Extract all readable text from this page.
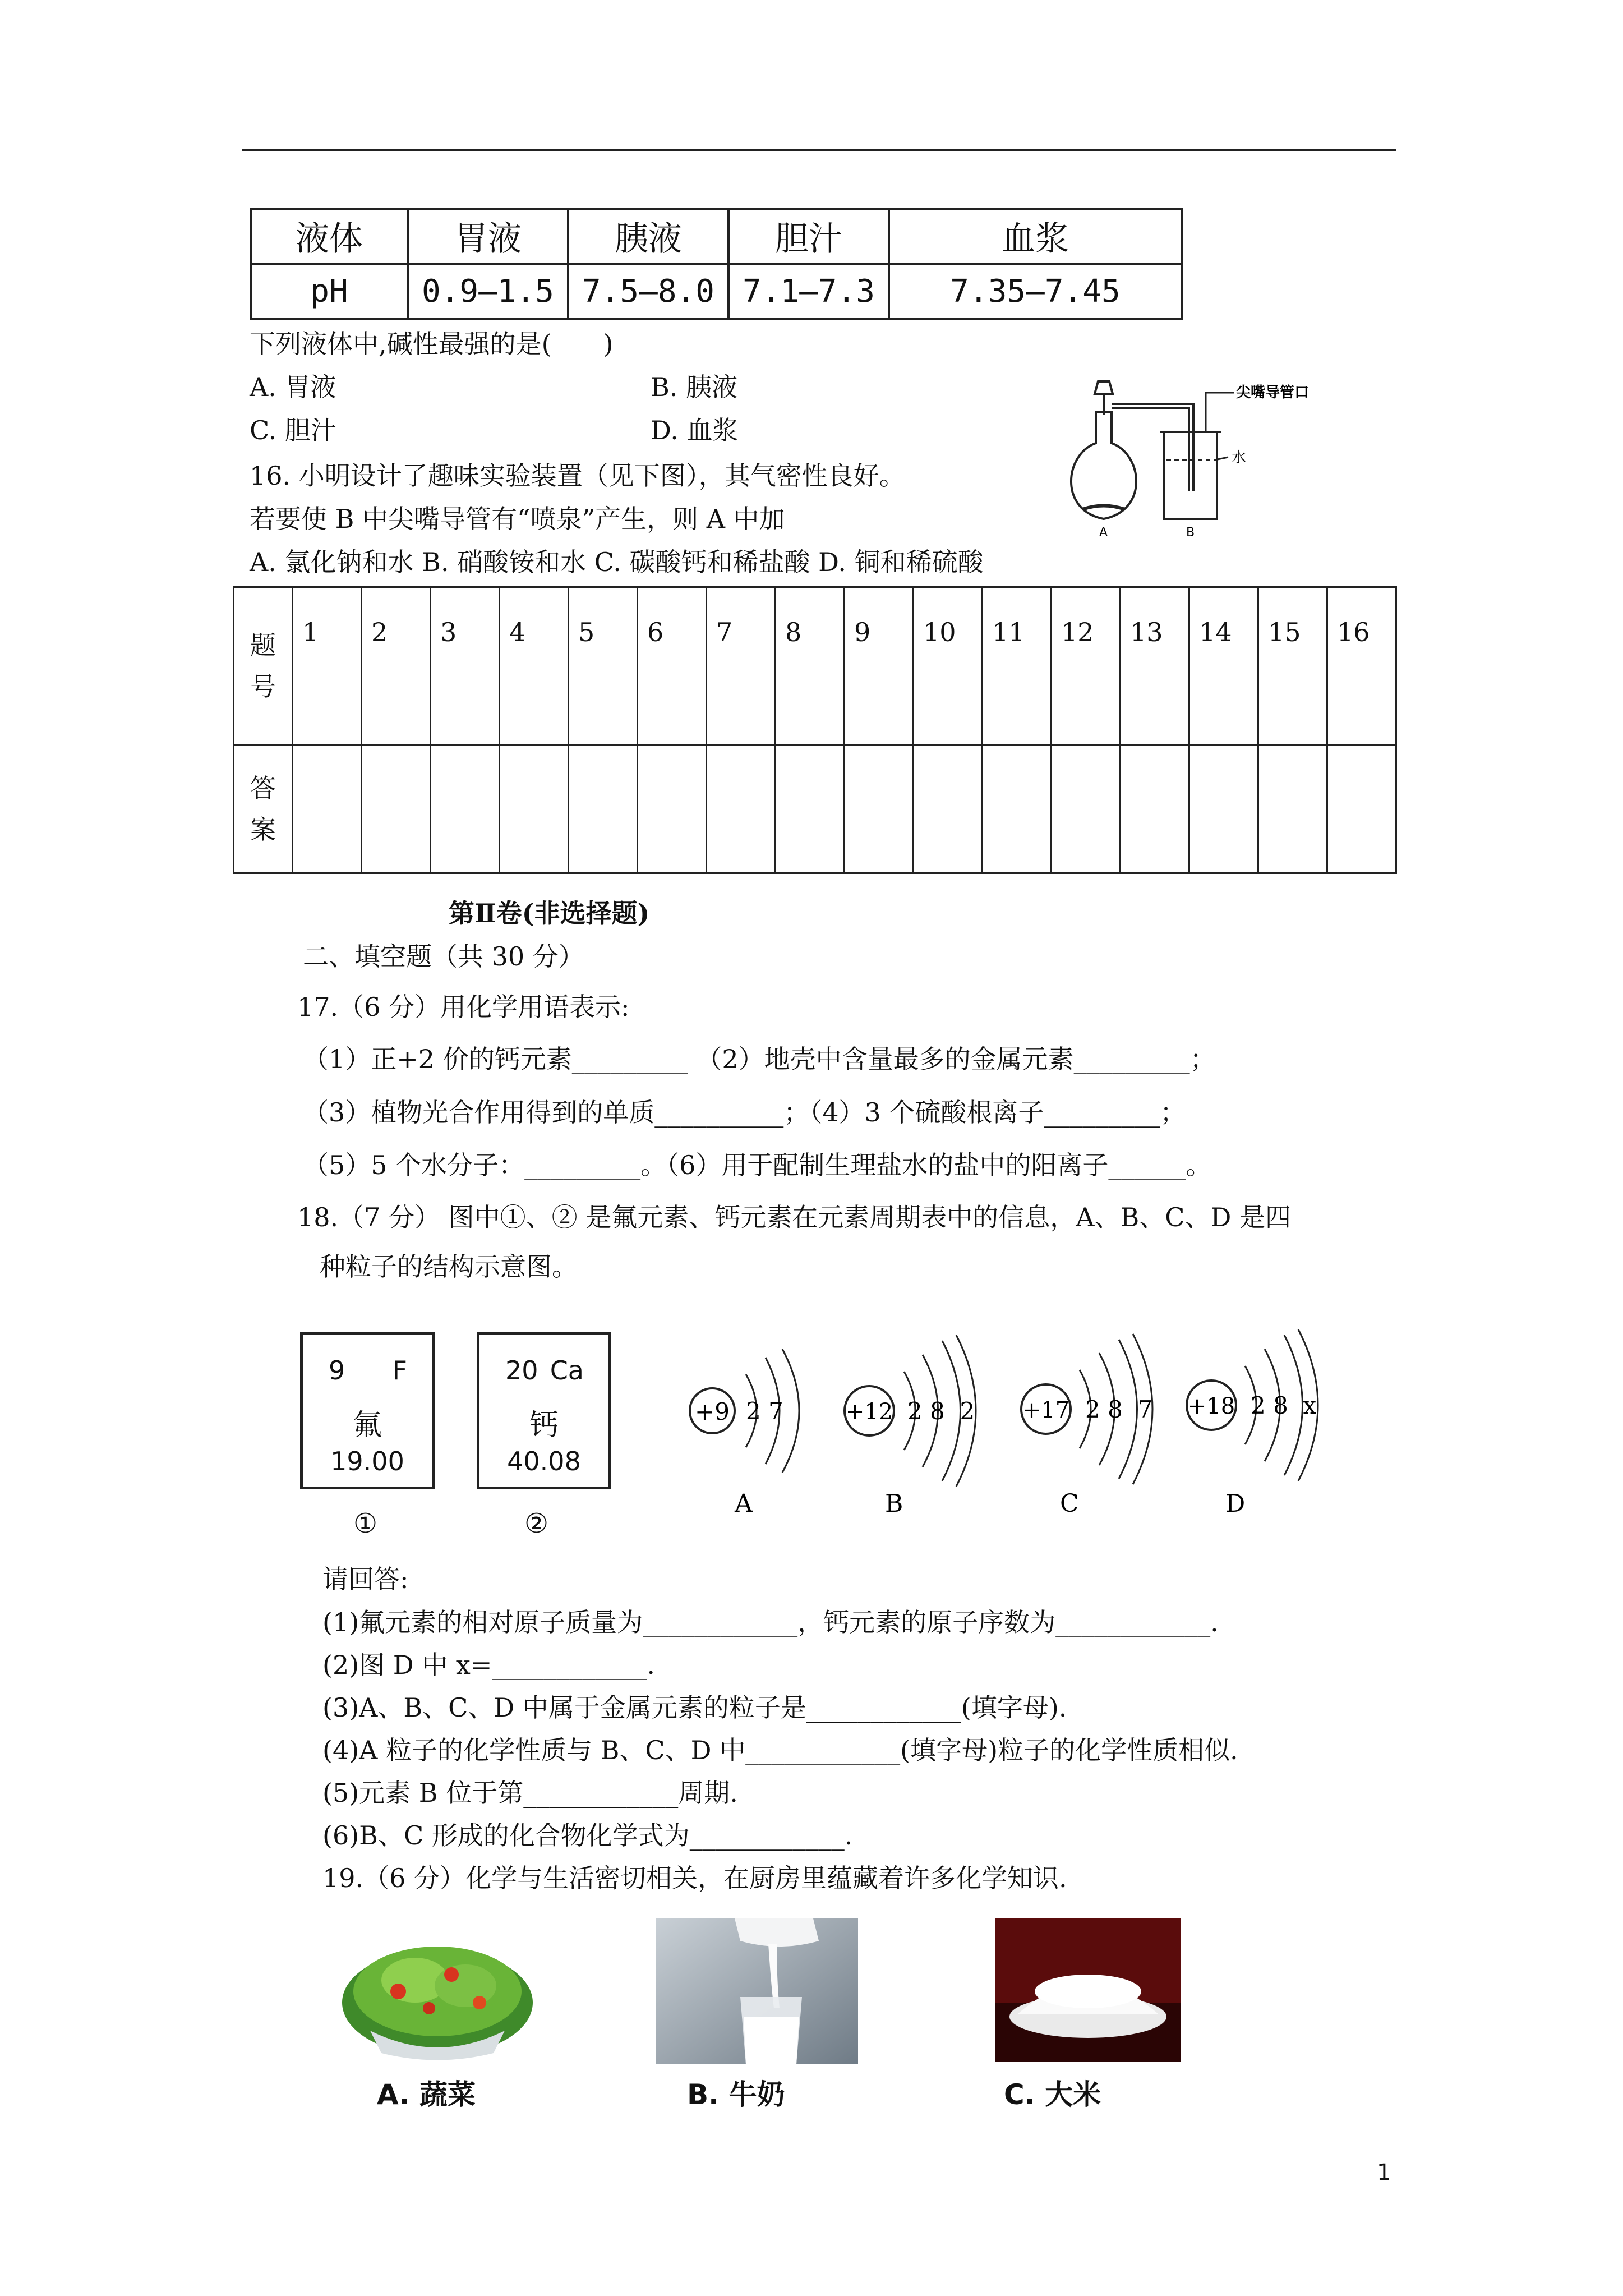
液体	胃液	胰液	胆汁	血浆
pH	0.9—1.5	7.5—8.0	7.1—7.3	7.35—7.45
下列液体中,碱性最强的是(　　)
A. 胃液	B. 胰液
C. 胆汁	D. 血浆
16. 小明设计了趣味实验装置（见下图），其气密性良好。
若要使 B 中尖嘴导管有“喷泉”产生，则 A 中加
A. 氯化钠和水 B. 硝酸铵和水 C. 碳酸钙和稀盐酸 D. 铜和稀硫酸
尖嘴导管口
水
A	B
题号	1	2	3	4	5	6	7	8	9	10	11	12	13	14	15	16
答案																
第Ⅱ卷(非选择题)
二、填空题（共 30 分）
17.（6 分）用化学用语表示:
（1）正+2 价的钙元素_________ （2）地壳中含量最多的金属元素_________；
（3）植物光合作用得到的单质__________；（4）3 个硫酸根离子_________；
（5）5 个水分子：_________。（6）用于配制生理盐水的盐中的阳离子______。
18.（7 分） 图中①、② 是氟元素、钙元素在元素周期表中的信息，A、B、C、D 是四
种粒子的结构示意图。
9 F
氟
19.00
①
20 Ca
钙
40.08
②
+9 2 7
A
+12 2 8  2
B
+17 2 8  7
C
+18 2 8  x
D
请回答:
(1)氟元素的相对原子质量为____________，钙元素的原子序数为____________.
(2)图 D 中 x=____________.
(3)A、B、C、D 中属于金属元素的粒子是____________(填字母).
(4)A 粒子的化学性质与 B、C、D 中____________(填字母)粒子的化学性质相似.
(5)元素 B 位于第____________周期.
(6)B、C 形成的化合物化学式为____________.
19.（6 分）化学与生活密切相关，在厨房里蕴藏着许多化学知识.
A. 蔬菜	B. 牛奶	C. 大米
1
